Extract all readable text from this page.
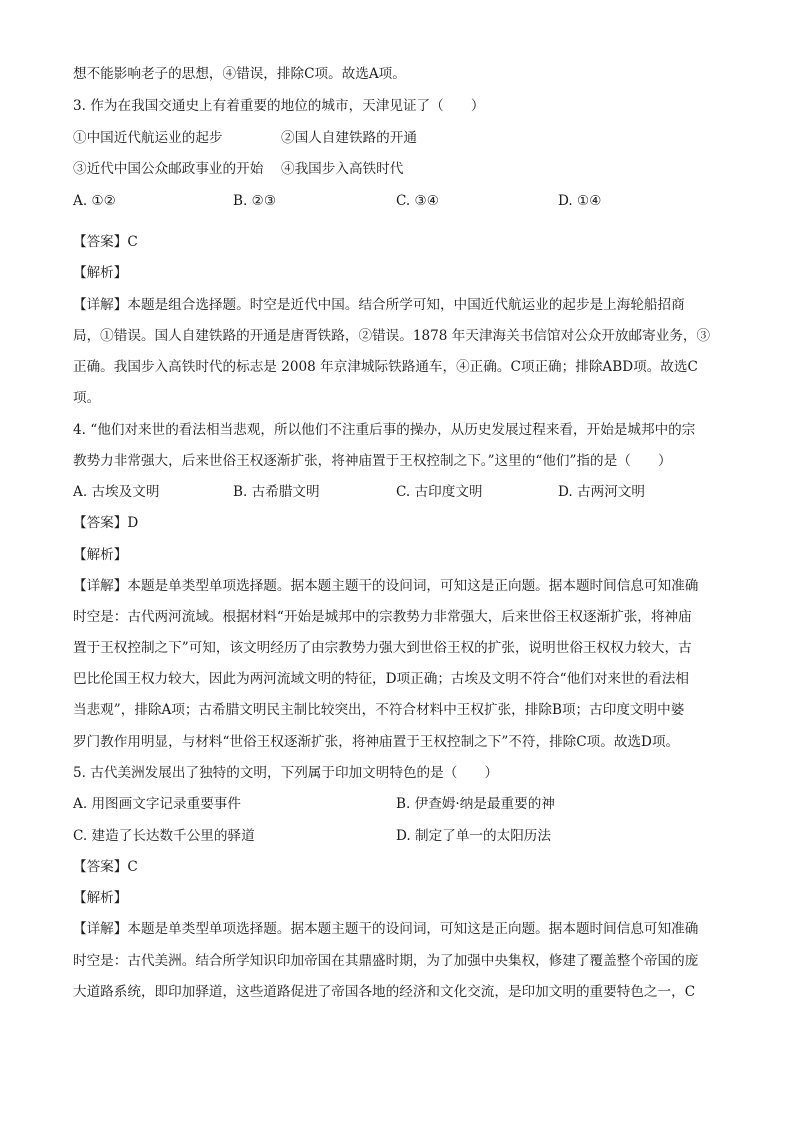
想不能影响老子的思想，④错误，排除C项。故选A项。
3. 作为在我国交通史上有着重要的地位的城市，天津见证了（　　）
①中国近代航运业的起步	②国人自建铁路的开通
③近代中国公众邮政事业的开始 ④我国步入高铁时代
A. ①②	B. ②③	C. ③④	D. ①④
【答案】C
【解析】
【详解】本题是组合选择题。时空是近代中国。结合所学可知，中国近代航运业的起步是上海轮船招商
局，①错误。国人自建铁路的开通是唐胥铁路，②错误。1878 年天津海关书信馆对公众开放邮寄业务，③
正确。我国步入高铁时代的标志是 2008 年京津城际铁路通车，④正确。C项正确；排除ABD项。故选C
项。
4. “他们对来世的看法相当悲观，所以他们不注重后事的操办，从历史发展过程来看，开始是城邦中的宗
教势力非常强大，后来世俗王权逐渐扩张，将神庙置于王权控制之下。”这里的“他们”指的是（　　）
A. 古埃及文明	B. 古希腊文明	C. 古印度文明	D. 古两河文明
【答案】D
【解析】
【详解】本题是单类型单项选择题。据本题主题干的设问词，可知这是正向题。据本题时间信息可知准确
时空是：古代两河流域。根据材料“开始是城邦中的宗教势力非常强大，后来世俗王权逐渐扩张，将神庙
置于王权控制之下”可知，该文明经历了由宗教势力强大到世俗王权的扩张，说明世俗王权权力较大，古
巴比伦国王权力较大，因此为两河流域文明的特征，D项正确；古埃及文明不符合“他们对来世的看法相
当悲观”，排除A项；古希腊文明民主制比较突出，不符合材料中王权扩张，排除B项；古印度文明中婆
罗门教作用明显，与材料“世俗王权逐渐扩张，将神庙置于王权控制之下”不符，排除C项。故选D项。
5. 古代美洲发展出了独特的文明，下列属于印加文明特色的是（　　）
A. 用图画文字记录重要事件	B. 伊查姆·纳是最重要的神
C. 建造了长达数千公里的驿道	D. 制定了单一的太阳历法
【答案】C
【解析】
【详解】本题是单类型单项选择题。据本题主题干的设问词，可知这是正向题。据本题时间信息可知准确
时空是：古代美洲。结合所学知识印加帝国在其鼎盛时期，为了加强中央集权，修建了覆盖整个帝国的庞
大道路系统，即印加驿道，这些道路促进了帝国各地的经济和文化交流，是印加文明的重要特色之一，C
